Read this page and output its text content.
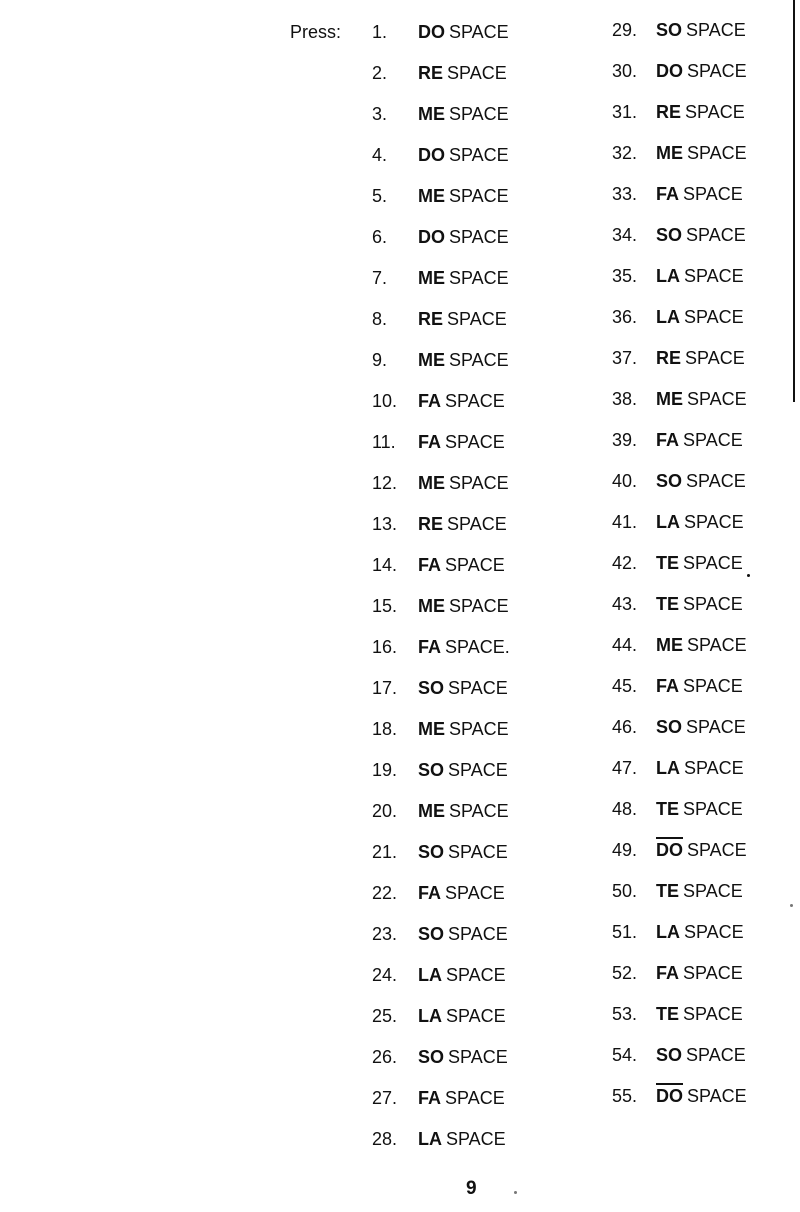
Press: 1.	DO SPACE
2.	RE SPACE
3.	ME SPACE
4.	DO SPACE
5.	ME SPACE
6.	DO SPACE
7.	ME SPACE
8.	RE SPACE
9.	ME SPACE
10.	FA SPACE
11.	FA SPACE
12.	ME SPACE
13.	RE SPACE
14.	FA SPACE
15.	ME SPACE
16.	FA SPACE.
17.	SO SPACE
18.	ME SPACE
19.	SO SPACE
20.	ME SPACE
21.	SO SPACE
22.	FA SPACE
23.	SO SPACE
24.	LA SPACE
25.	LA SPACE
26.	SO SPACE
27.	FA SPACE
28.	LA SPACE
29.	SO SPACE
30.	DO SPACE
31.	RE SPACE
32.	ME SPACE
33.	FA SPACE
34.	SO SPACE
35.	LA SPACE
36.	LA SPACE
37.	RE SPACE
38.	ME SPACE
39.	FA SPACE
40.	SO SPACE
41.	LA SPACE
42.	TE SPACE
43.	TE SPACE
44.	ME SPACE
45.	FA SPACE
46.	SO SPACE
47.	LA SPACE
48.	TE SPACE
49.	DO SPACE
50.	TE SPACE
51.	LA SPACE
52.	FA SPACE
53.	TE SPACE
54.	SO SPACE
55.	DO SPACE
9
